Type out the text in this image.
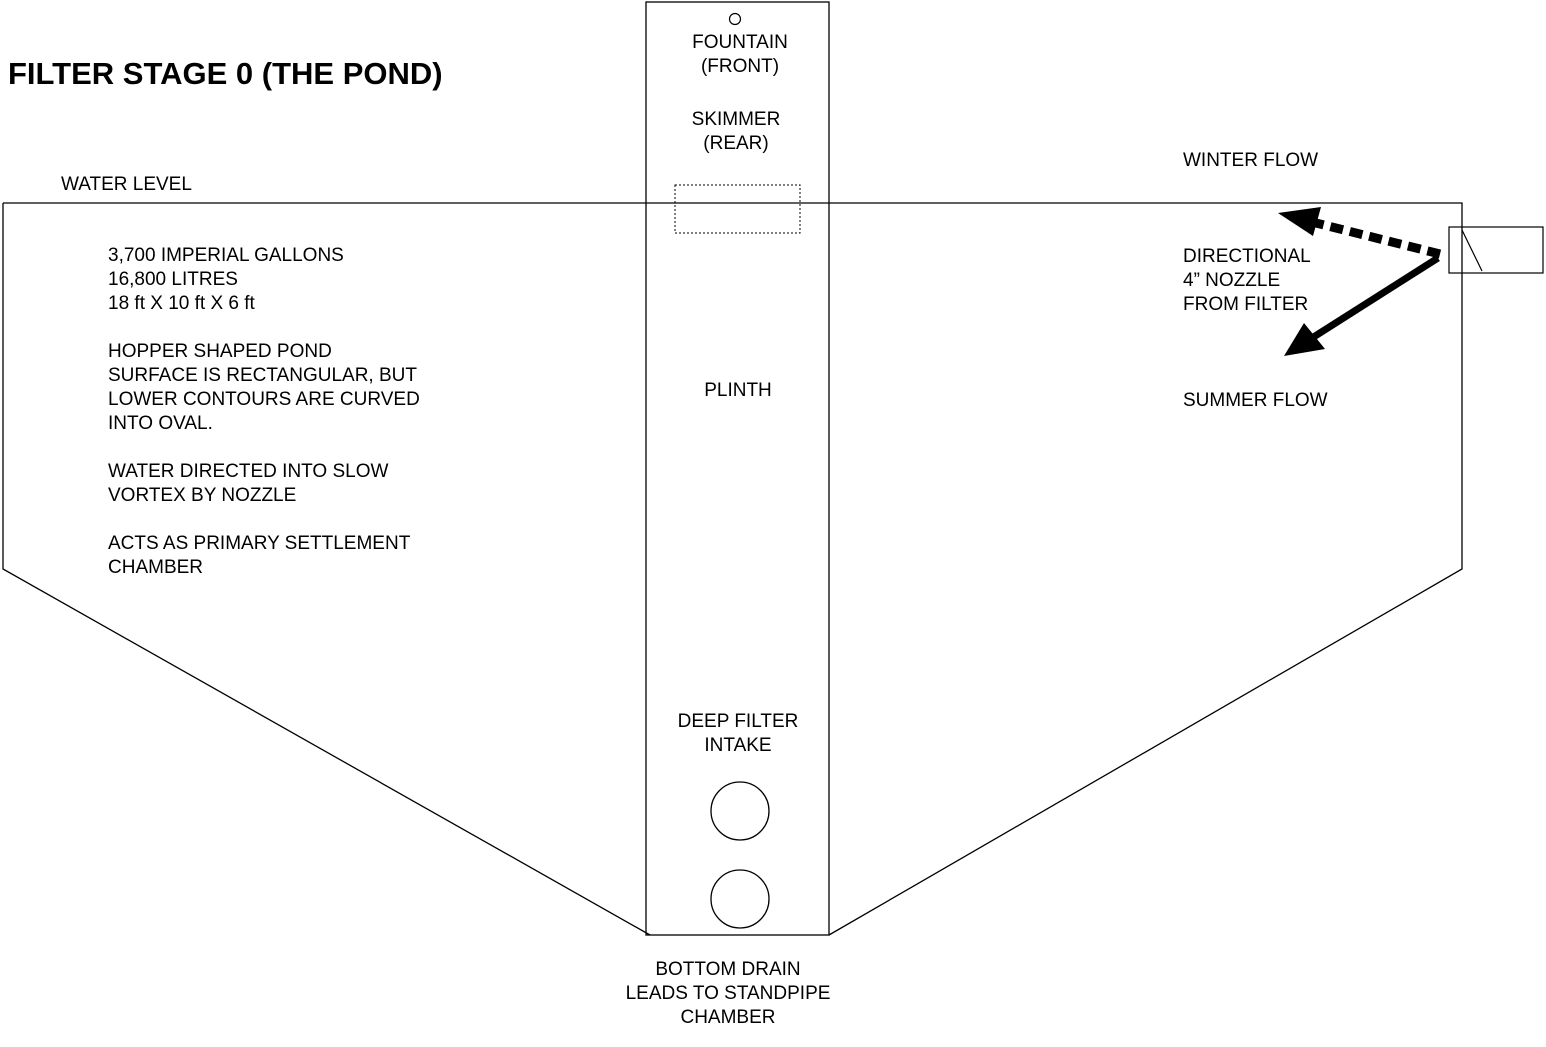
FILTER STAGE 0 (THE POND)
FOUNTAIN
(FRONT)
SKIMMER
(REAR)
WATER LEVEL
WINTER FLOW
DIRECTIONAL
4” NOZZLE
FROM FILTER
SUMMER FLOW
PLINTH
3,700 IMPERIAL GALLONS
16,800 LITRES
18 ft X 10 ft X 6 ft
HOPPER SHAPED POND
SURFACE IS RECTANGULAR, BUT
LOWER CONTOURS ARE CURVED
INTO OVAL.
WATER DIRECTED INTO SLOW
VORTEX BY NOZZLE
ACTS AS PRIMARY SETTLEMENT
CHAMBER
DEEP FILTER
INTAKE
BOTTOM DRAIN
LEADS TO STANDPIPE
CHAMBER
